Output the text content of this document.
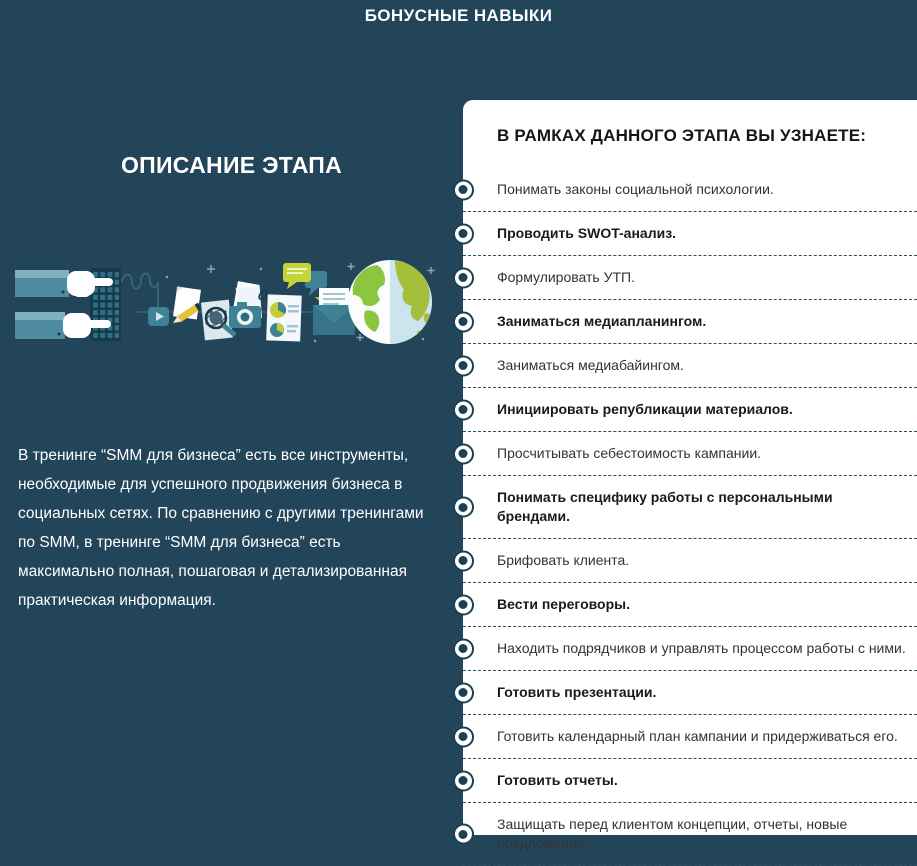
БОНУСНЫЕ НАВЫКИ
ОПИСАНИЕ ЭТАПА
В тренинге “SMM для бизнеса” есть все инструменты, необходимые для успешного продвижения бизнеса в социальных сетях. По сравнению с другими тренингами по SMM, в тренинге “SMM для бизнеса” есть максимально полная, пошаговая и детализированная практическая информация.
В РАМКАХ ДАННОГО ЭТАПА ВЫ УЗНАЕТЕ:
Понимать законы социальной психологии.
Проводить SWOT-анализ.
Формулировать УТП.
Заниматься медиапланингом.
Заниматься медиабайингом.
Инициировать републикации материалов.
Просчитывать себестоимость кампании.
Понимать специфику работы с персональными брендами.
Брифовать клиента.
Вести переговоры.
Находить подрядчиков и управлять процессом работы с ними.
Готовить презентации.
Готовить календарный план кампании и придерживаться его.
Готовить отчеты.
Защищать перед клиентом концепции, отчеты, новые предложения.
